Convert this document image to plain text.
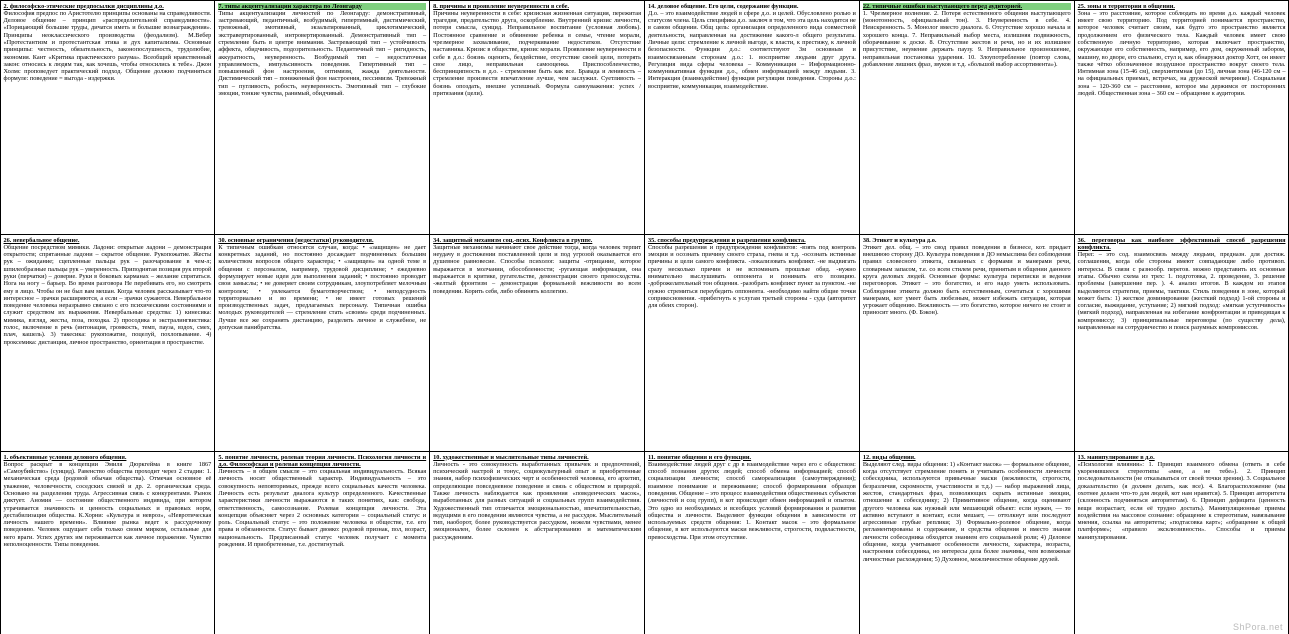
2. философско-этические предпосылки дисциплины д.о.
Философия предпос по Аристотелю принципы основаны на справедливости. Деловое общение – принцип «распределительной справедливости». «Порицающий большие труды, дичатся иметь и большие вознаграждения». Принципы неоклассического производства (феодализм). М.Вебер «Протестантизм и протестантская этика и дух капитализма. Основные принципы: честность, обязательность, законопослушность, трудолюбие, экономия. Кант «Критика практического разума». Всеобщий нравственный закон: относись к людям так, как хочешь, чтобы относились к тебе». Джон Холмс проповедует практический подход. Общение должно подчиняться формуле: поведение = выгода - издержки.
7. типы акцентуализации характера по Леонгарду
Типы акцентуализации личностей по Леонгарду: демонстративный, застревающий, педантичный, возбудимый, гипертимный, дистимический, тревожный, эмотивный, экзальтированный, циклотимический, экстравертированный, интровертированный. Демонстративный тип – стремление быть в центре внимания. Застревающий тип – устойчивость аффекта, обидчивость, подозрительность. Педантичный тип – ригидность, аккуратность, неуверенность. Возбудимый тип – недостаточная управляемость, импульсивность поведения. Гипертимный тип – повышенный фон настроения, оптимизм, жажда деятельности. Дистимический тип – пониженный фон настроения, пессимизм. Тревожный тип – пугливость, робость, неуверенность. Эмотивный тип – глубокие эмоции, тонкие чувства, ранимый, обидчивый.
8. причины и проявление неуверенности в себе.
Причины неуверенности в себе: кризисная жизненная ситуация, пережитая трагедия, предательство друга, оскорбление. Внутренний кризис личности, потеря смысла, суицид. Неправильное воспитание (условная любовь). Постоянное сравнение и обвинение ребенка в семье, чтение морали, чрезмерное захваливание, подчеркивание недостатков. Отсутствие наставника. Кризис в обществе, кризис морали. Проявление неуверенности в себе в д.о.: боязнь оценить, бездействие, отсутствие своей цели, потерять свое лицо, неправильная самооценка. Приспособленчество, беспринципность в д.о. - стремление быть как все. Бравада и ленивость – стремление произвести впечатление лучше, чем заслужил. Суетливость – боязнь опоздать, внешне успешный. Формула самоуважения: успех / притязания (цели).
14. деловое общение. Его цели, содержание функции.
Д.о. – это взаимодействие людей в сфере д.о. и целей. Обусловлено ролью и статусом члена. Цель специфика д.о. заключ в том, что эта цель находится не в самом общении. Общ цель: организация определенного вида совместной деятельности, направленная на достижение какого-л общего результата. Личные цели: стремление к личной выгоде, к власти, к престижу, к личной безопасности. Функции д.о.: соответствуют 3м основным и взаимосвязанным сторонам д.о.: 1. восприятие людьми друг друга. Регуляция вида сферы человека – Коммуникация – Информационно-коммуникативная функция д.о., обмен информацией между людьми. 3. Интеракция (взаимодействие) функция регуляции поведения. Стороны д.о.: восприятие, коммуникация, взаимодействие.
22. типичные ошибки выступающего перед аудиторией.
1. Чрезмерное волнение. 2. Потеря естественного общения выступающего (монотонность, официальный тон). 3. Неуверенность в себе. 4. Неискренность. 5. Монолог вместо диалога. 6. Отсутствие хорошо начала и хорошего конца. 7. Неправильный выбор места, излишняя подвижность, оборачивание к доске. 8. Отсутствие жестов и речи, но и их излишнее присутствие, неумение держать паузу. 9. Неправильное произношение, неправильная постановка ударения. 10. Злоупотребление (повтор слова, добавление лишних фраз, звуков и т.д. «большой выбор ассортимента»).
25. зоны и территории в общении.
Зона – это расстояние, которое соблюдать во время д.о. каждый человек имеет свою территорию. Под территорией понимается пространство, которое человек считает своим, как будто это пространство является продолжением его физического тела. Каждый человек имеет свою собственную личную территорию, которая включает пространство, окружающее его собственность, например, его дом, окруженный забором, машину, во дворе, его спальню, стул и, как обнаружил доктор Хотт, он имеет также чётко обозначенное воздушное пространство вокруг своего тела. Интимная зона (15-46 см), сверхинтимная (до 15), личная зона (46-120 см – на официальных приемах, встречах, на дружеской вечеринке). Социальная зона – 120-360 см – расстояние, которое мы держимся от посторонних людей. Общественная зона – 360 см – обращение к аудитории.
26. невербальное общение.
Общение посредством мимики. Ладони: открытые ладони – демонстрация открытости; спрятанные ладони – скрытое общение. Рукопожатие. Жесты рук – ожидание; сцепленные пальцы рук – разочарование в чем-л; шпилеобразные пальцы рук – уверенность. Приподнятая позиция рук второй руки (перчатки) – доверие. Руки в боковых карманах – желание спрятаться. Нога на ногу – барьер. Во время разговора Не перебивать его, но смотреть ему в лицо. Чтобы он не был вам мешан. Когда человек рассказывает что-то интересное – зрачки расширяются, а если – зрачки сужаются. Невербальное поведение человека неразрывно связано с его психическими состояниями и служит средством их выражения. Невербальные средства: 1) кинесика: мимика, взгляд, жесты, поза, походка. 2) просодика и экстралингвистика: голос, включение в речь (интонация, громкость, темп, пауза, вздох, смех, плач, кашель). 3) такесика: рукопожатие, поцелуй, похлопывание. 4) проксемика: дистанция, личное пространство, ориентация в пространстве.
30. основные ограничения (недостатки) руководителя.
К типичным ошибкам относятся случаи, когда: • «защищен» не дает конкретных заданий, но постоянно досаждает подчиненных большим количеством вопросов общего характера; • «защищен» на одной теме в общении с персоналом, например, трудовой дисциплине; • ежедневно формулирует новые идеи для выполнения заданий; • постоянно проводит свои замыслы; • не доверяет своим сотрудникам, злоупотребляет мелочным контролем; • увлекается бумаготворчеством; • неподсудность территориально и во времени; • не имеет готовых решений производственных задач, предлагаемых персоналу. Типичная ошибка молодых руководителей — стремление стать «своим» среди подчиненных. Лучше все же сохранять дистанцию, разделять личное и служебное, не допуская панибратства.
34. защитный механизм соц.-псих. Конфликта в группе.
Защитные механизмы начинают свое действие тогда, когда человек терпит неудачу в достижении поставленной цели и под угрозой оказывается его душевное равновесие. Способы психолог. защиты -отрицание, которое выражается в молчании, обособленности; -ругающая информация, она выражается в критике, ругательстве, демонстрации своего превосходства. -желтый фронтизм – демонстрация формальной вежливости во всем поведении. Корить себя, либо обвинять коллегию.
35. способы предупреждения и разрешения конфликта.
Способы разрешения и предупреждения конфликтов: -взять под контроль эмоции и осознать причину своего страха, гнева и т.д. -осознать истинные причины и цели самого конфликта. -локализовать конфликт. -не выдвигать сразу несколько причин и не вспоминать прошлые обид. -нужно внимательно выслушивать оппонента и понимать его позицию. -доброжелательный тон общения. -разобрать конфликт пункт за пунктом. -не нужно стремиться переубедить оппонента. -необходимо найти общие точки соприкосновения. -прибегнуть к услугам третьей стороны - суда (авторитет для обеих сторон).
38. Этикет и культура д.о.
Этикет дел. общ. – это свод правил поведения в бизнесе, кот. придает внешнюю сторону ДО. Культура поведения в ДО немыслима без соблюдения правил словесного этикета, связанных с формами и манерами речи, словарным запасом, т.е. со всем стилем речи, принятым в общении данного круга деловых людей. Основные формы: культура переписки и ведения переговоров. Этикет – это богатство, и его надо уметь использовать. Соблюдение этикета должно быть естественным, сочетаться с хорошими манерами, кот умеет быть любезным, может избежать ситуации, которая угрожает общению. Вежливость — это богатство, которое ничего не стоит и приносит много. (Ф. Бэкон).
36. переговоры как наиболее эффективный способ разрешения конфликта.
Перег. – это сод. взаимосвязь между людьми, предназн. для достиж. соглашения, когда обе стороны имеют совпадающие либо противоп. интересы. В связи с разнообр. перегов. можно представить их основные этапы. Обычно схема из трех: 1. подготовка, 2. проведение, 3. решение проблемы (завершение пер. ). 4. анализ итогов. В каждом из этапов выделяются стратегии, приемы, тактики. Стиль поведения в зоне, который может быть: 1) жесткое доминирование (жесткий подход) 1-ой стороны и согласие, выжидание, уступание; 2) мягкий подход: «мягкая уступчивость» (мягкий подход), направленная на избегание конфронтации и приводящая к компромиссу; 3) принципиальные переговоры (по существу дела), направленные на сотрудничество и поиск разумных компромиссов.
1. объективные условия делового общения.
Вопрос раскрыт в концепции Эмиля Дюркгейма в книге 1867 «Самоубийство» (суицид). Равенство общества проходит через 2 стадии: 1. механическая среда (родовой обычаи общества). Отмечая основное её уважение, человечности, соседских связей и др. 2. органическая среда. Основано на разделении труда. Агрессивная связь с конкурентами. Рынок диктует. Аномия — состояние общественного индивида, при котором утрачивается значимость и ценность социальных и правовых норм, дестабилизация общества. К.Хорни: «Культура и невроз», «Невротическая личность нашего времени». Влияние рынка ведет к рассудочному поведению. Человек ощущает себя только своим мирком, остальные для него враги. Успех других им переживается как личное поражение. Чувство неполноценности. Типы поведения.
5. понятие личности, ролевая теория личности. Психология личности и д.о. Философская и ролевая концепция личности.
Личность – в общем смысле – это социальная индивидуальность. Всякая личность носит общественный характер. Индивидуальность – это совокупность неповторимых, прежде всего социальных качеств человека. Личность есть результат диалога культур определенного. Качественные характеристики личности выражаются в таких понятиях, как: свобода, ответственность, самосознание. Ролевая концепция личности. Эта концепция объясняет через 2 основных категории – социальный статус и роль. Социальный статус – это положение человека в обществе, т.е. его права и обязанности. Статус бывает двояко: родовой признак, пол, возраст, национальность. Предписанный статус человек получает с момента рождения. И приобретенные, т.е. достигнутый.
10. художественные и мыслительные типы личностей.
Личность - это совокупность выработанных привычек и предпочтений, психический настрой и тонус, социокультурный опыт и приобретенные знания, набор психофизических черт и особенностей человека, его архетип, определяющие повседневное поведение и связь с обществом и природой. Также личность наблюдается как проявления «поведенческих масок», выработанных для разных ситуаций и социальных групп взаимодействия. Художественный тип отличается эмоциональностью, впечатлительностью, ведущими в его поведении являются чувства, а не рассудок. Мыслительный тип, наоборот, более руководствуется рассудком, нежели чувствами, менее эмоционален, более склонен к абстрагированию и математическим рассуждениям.
11. понятие общения и его функции.
Взаимодействие людей друг с др в взаимодействие через его с обществом: способ познания других людей; способ обмена информацией; способ социализации личности; способ самореализации (самоутверждения); взаимное понимание и переживание; способ формирования образцов поведения. Общение – это процесс взаимодействия общественных субъектов (личностей и соц групп), в кот происходит обмен информацией и опытом. Это одно из необходимых и всеобщих условий формирования и развития общества и личности. Выделяют функции общения в зависимости от используемых средств общения: 1. Контакт масок – это формальное общение, в кот используются маски вежливости, строгости, подвластности, превосходства. При этом отсутствие.
12. виды общения.
Выделяют след. виды общения: 1) «Контакт масок» — формальное общение, когда отсутствует стремление понять и учитывать особенности личности собеседника, используются привычные маски (вежливости, строгости, безразличия, скромности, участливости и т.д.) — набор выражений лица, жестов, стандартных фраз, позволяющих скрыть истинные эмоции, отношение к собеседнику; 2) Примитивное общение, когда оценивают другого человека как нужный или мешающий объект: если нужен, — то активно вступают в контакт, если мешает, — оттолкнут или последуют агрессивные грубые реплики; 3) Формально-ролевое общение, когда регламентированы и содержание, и средства общения и вместо знания личности собеседника обходятся знанием его социальной роли; 4) Деловое общение, когда учитывают особенности личности, характера, возраста, настроения собеседника, но интересы дела более значимы, чем возможные личностные расхождения; 5) Духовное, межличностное общение друзей.
13. манипулирование в д.о.
«Психология влияния»: 1. Принцип взаимного обмена (ответь в себе укоренившееся стереотипы «мне, а не тебе»). 2. Принцип последовательности (не отказываться от своей точки зрения). 3. Социальное доказательство (я должен делать, как все). 4. Благорасположение (мы охотнее делаем что-то для людей, кот нам нравятся). 5. Принцип авторитета (склонность подчиняться авторитетам). 6. Принцип дефицита (ценность вещи возрастает, если её трудно достать). Манипуляционные приемы воздействия на массовое сознание: обращение к стереотипам, навязывание мнения, ссылка на авторитеты; «подтасовка карт»; «обращение к общей платформе»; «правило эксклюзивности». Способы и приемы манипулирования.
ShPora.net
